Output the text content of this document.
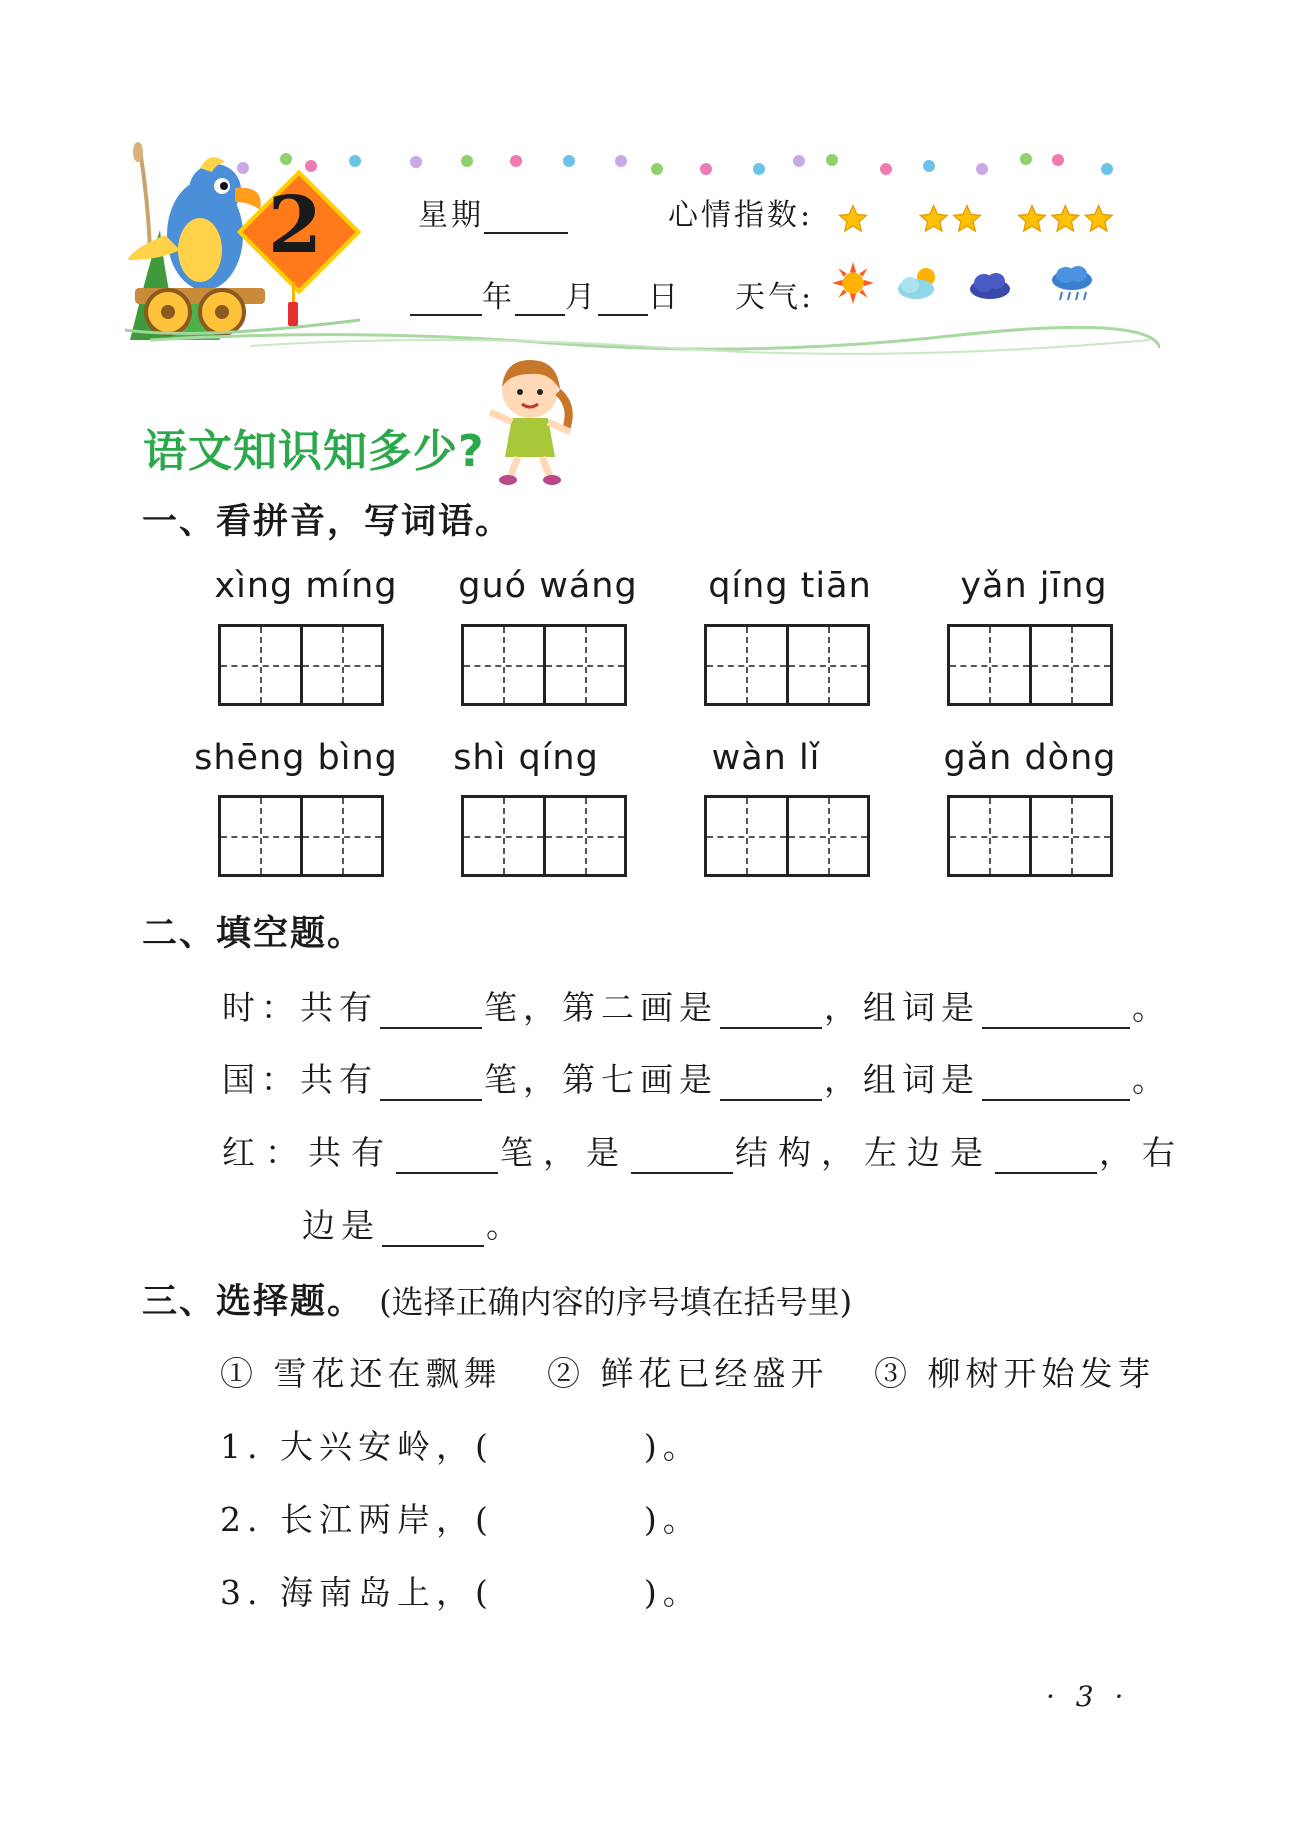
2	星期	心情指数:
年 月 日 天气:
语文知识知多少?
一、看拼音，写词语。
xìng míng	guó wáng	qíng tiān	yǎn jīng
shēng bìng	shì qíng	wàn lǐ	gǎn dòng
二、填空题。
时：共有	笔，第二画是	，组词是	。
国：共有	笔，第七画是	，组词是	。
红：共有	笔，是	结构，左边是	，右
边是	。
三、选择题。 (选择正确内容的序号填在括号里)
① 雪花还在飘舞 ② 鲜花已经盛开 ③ 柳树开始发芽
1. 大兴安岭，(	)。
2. 长江两岸，(	)。
3. 海南岛上，(	)。
· 3 ·
